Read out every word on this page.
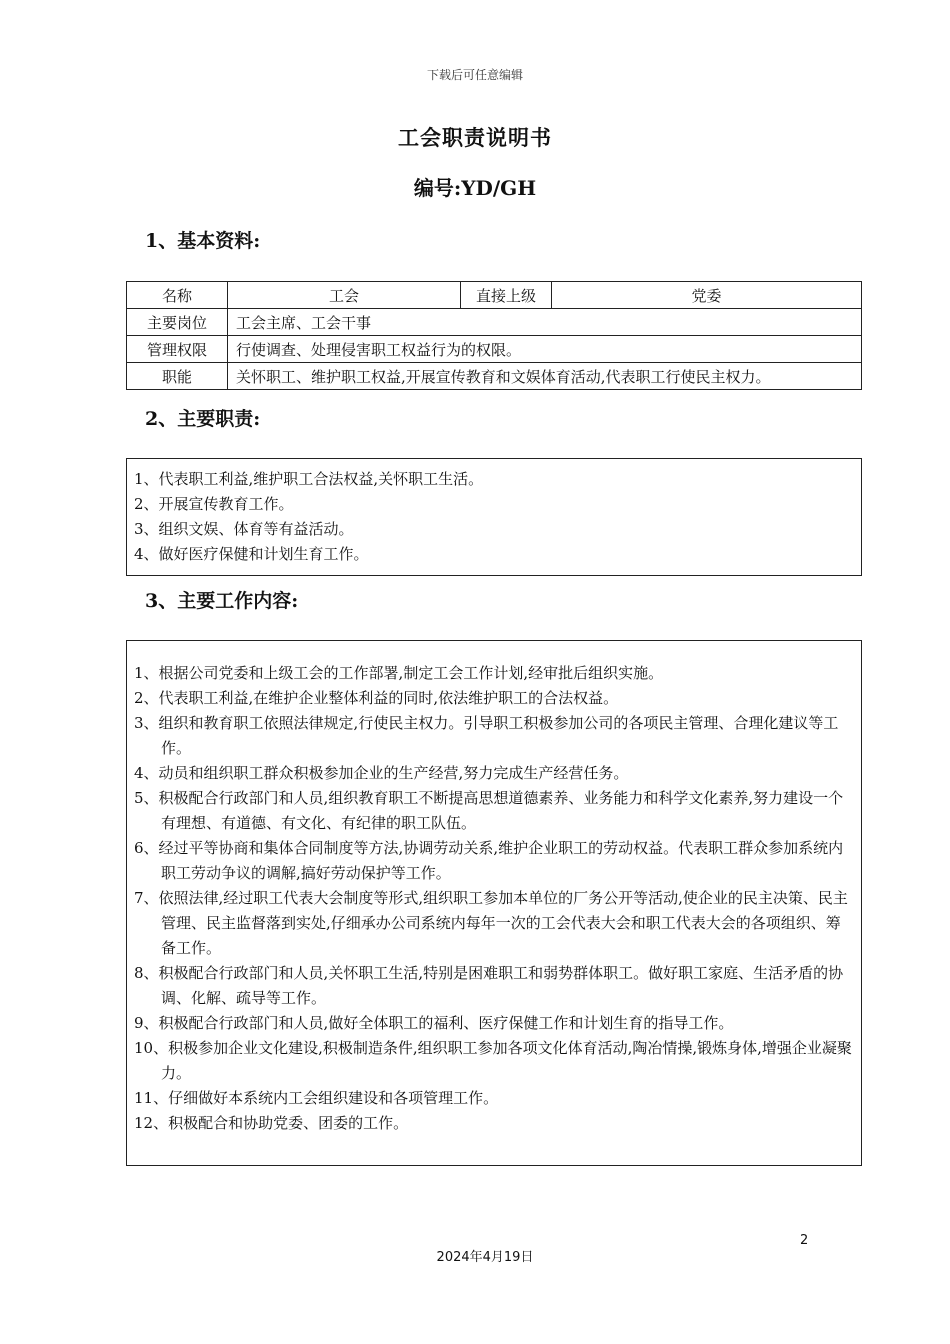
下载后可任意编辑
工会职责说明书
编号:YD/GH
1、基本资料:
名称	工会	直接上级	党委
主要岗位	工会主席、工会干事		
管理权限	行使调查、处理侵害职工权益行为的权限。		
职能	关怀职工、维护职工权益,开展宣传教育和文娱体育活动,代表职工行使民主权力。		
2、主要职责:
1、代表职工利益,维护职工合法权益,关怀职工生活。
2、开展宣传教育工作。
3、组织文娱、体育等有益活动。
4、做好医疗保健和计划生育工作。
3、主要工作内容:
1、根据公司党委和上级工会的工作部署,制定工会工作计划,经审批后组织实施。
2、代表职工利益,在维护企业整体利益的同时,依法维护职工的合法权益。
3、组织和教育职工依照法律规定,行使民主权力。引导职工积极参加公司的各项民主管理、合理化建议等工作。
4、动员和组织职工群众积极参加企业的生产经营,努力完成生产经营任务。
5、积极配合行政部门和人员,组织教育职工不断提高思想道德素养、业务能力和科学文化素养,努力建设一个有理想、有道德、有文化、有纪律的职工队伍。
6、经过平等协商和集体合同制度等方法,协调劳动关系,维护企业职工的劳动权益。代表职工群众参加系统内职工劳动争议的调解,搞好劳动保护等工作。
7、依照法律,经过职工代表大会制度等形式,组织职工参加本单位的厂务公开等活动,使企业的民主决策、民主管理、民主监督落到实处,仔细承办公司系统内每年一次的工会代表大会和职工代表大会的各项组织、筹备工作。
8、积极配合行政部门和人员,关怀职工生活,特别是困难职工和弱势群体职工。做好职工家庭、生活矛盾的协调、化解、疏导等工作。
9、积极配合行政部门和人员,做好全体职工的福利、医疗保健工作和计划生育的指导工作。
10、积极参加企业文化建设,积极制造条件,组织职工参加各项文化体育活动,陶冶情操,锻炼身体,增强企业凝聚力。
11、仔细做好本系统内工会组织建设和各项管理工作。
12、积极配合和协助党委、团委的工作。
2
2024年4月19日
